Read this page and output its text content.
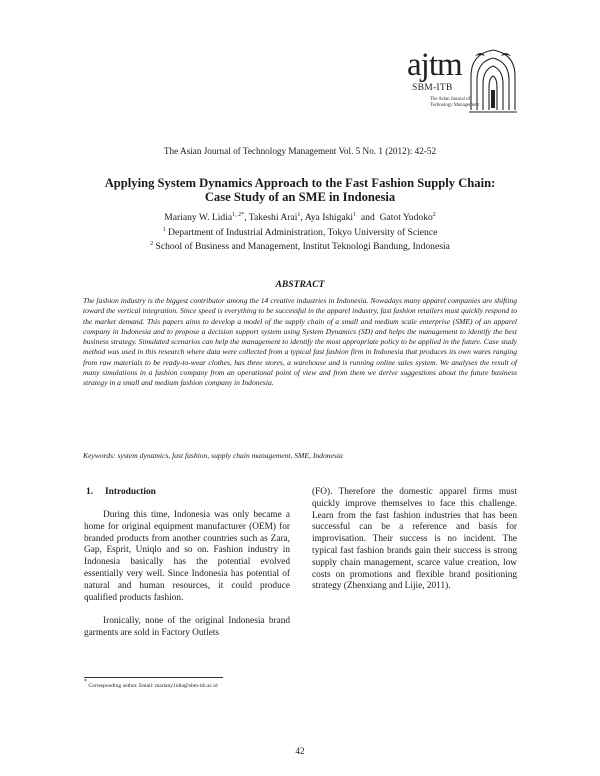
ajtm
SBM-ITB
The Asian Journal of
Technology Management
The Asian Journal of Technology Management Vol. 5 No. 1 (2012): 42-52
Applying System Dynamics Approach to the Fast Fashion Supply Chain:
Case Study of an SME in Indonesia
Mariany W. Lidia$^{1, 2*}$, Takeshi Arai$^1$, Aya Ishigaki$^1$  and  Gatot Yudoko$^2$
$^1$ Department of Industrial Administration, Tokyo University of Science
$^2$ School of Business and Management, Institut Teknologi Bandung, Indonesia
ABSTRACT
The fashion industry is the biggest contributor among the 14 creative industries in Indonesia. Nowadays many apparel companies are shifting toward the vertical integration. Since speed is everything to be successful in the apparel industry, fast fashion retailers must quickly respond to the market demand. This papers aims to develop a model of the supply chain of a small and medium scale enterprise (SME) of an apparel company in Indonesia and to propose a decision support system using System Dynamics (SD) and helps the management to identify the best business strategy. Simulated scenarios can help the management to identify the most appropriate policy to be applied in the future. Case study method was used in this research where data were collected from a typical fast fashion firm in Indonesia that produces its own wares ranging from raw materials to be ready-to-wear clothes, has three stores, a warehouse and is running online sales system. We analyses the result of many simulations in a fashion company from an operational point of view and from them we derive suggestions about the future business strategy in a small and medium fashion company in Indonesia.
Keywords: system dynamics, fast fashion, supply chain management, SME, Indonesia
1. Introduction

During this time, Indonesia was only became a home for original equipment manufacturer (OEM) for branded products from another countries such as Zara, Gap, Esprit, Uniqlo and so on. Fashion industry in Indonesia basically has the potential evolved essentially very well. Since Indonesia has potential of natural and human resources, it could produce qualified products fashion.

Ironically, none of the original Indonesia brand garments are sold in Factory Outlets

(FO). Therefore the domestic apparel firms must quickly improve themselves to face this challenge. Learn from the fast fashion industries that has been successful can be a reference and basis for improvisation. Their success is no incident. The typical fast fashion brands gain their success is strong supply chain management, scarce value creation, low costs on promotions and flexible brand positioning strategy (Zhenxiang and Lijie, 2011).

* Corresponding author. Email: mariany.lidia@sbm-itb.ac.id
42
